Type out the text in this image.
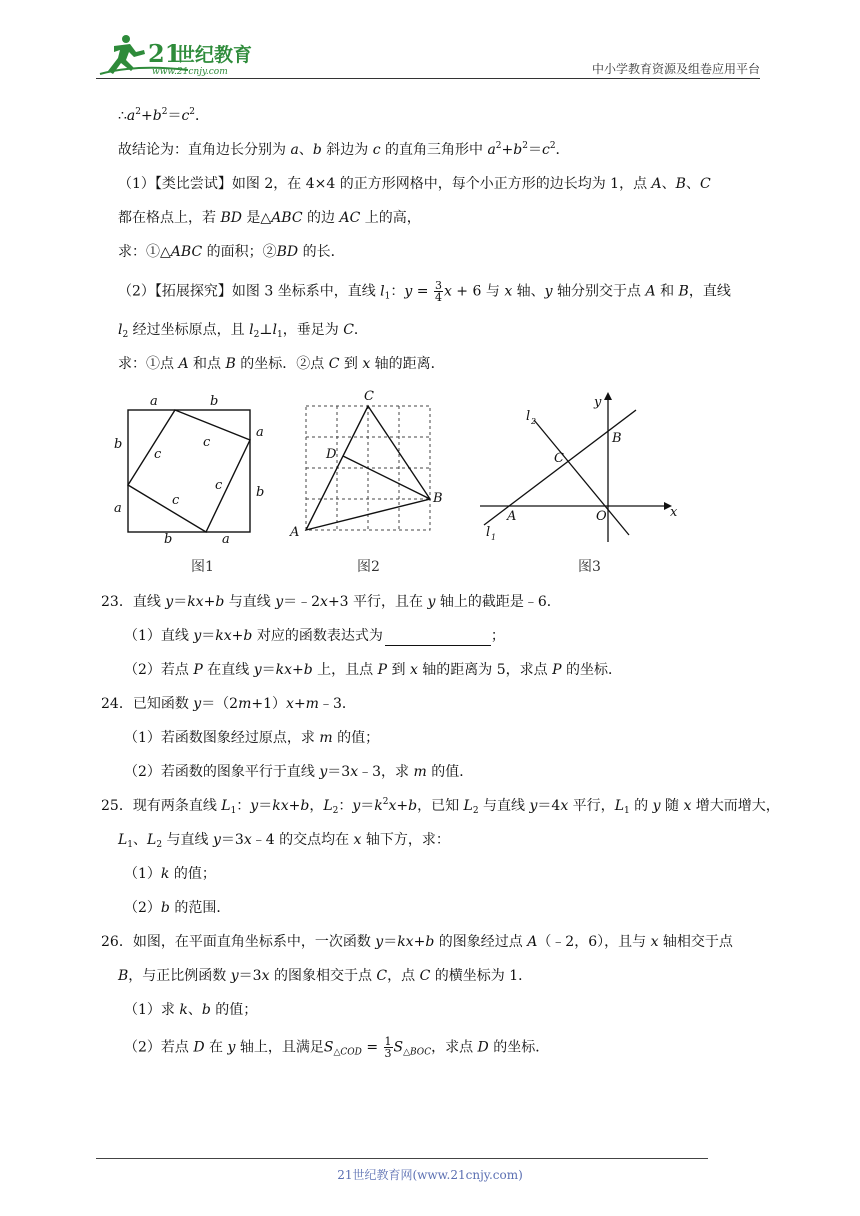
21
世纪教育
www.21cnjy.com	中小学教育资源及组卷应用平台
$\therefore a^2+b^2=c^2$．
故结论为：直角边长分别为 a、b 斜边为 c 的直角三角形中 $a^2+b^2=c^2$．
（1）【类比尝试】如图 2，在 4×4 的正方形网格中，每个小正方形的边长均为 1，点 A、B、C
都在格点上，若 BD 是△ABC 的边 AC 上的高，
求：①△ABC 的面积；②BD 的长．
（2）【拓展探究】如图 3 坐标系中，直线 $l_1$：$y = \frac{3}{4}$ x + 6 与 x 轴、y 轴分别交于点 A 和 B，直线
$l_2$ 经过坐标原点，且 $l_2\perp l_1$，垂足为 C．
求：①点 A 和点 B 的坐标．②点 C 到 x 轴的距离．
a	b
b
a
b
a
b	a
c
c
c
c
图1
C
D
B
A
图2
y
l 2
B
C
A	O	x
l 1
图3
23．直线 y＝kx+b 与直线 y＝﹣2x+3 平行，且在 y 轴上的截距是﹣6．
（1）直线 y＝kx+b 对应的函数表达式为	；
（2）若点 P 在直线 y＝kx+b 上，且点 P 到 x 轴的距离为 5，求点 P 的坐标．
24．已知函数 y＝（2m+1）x+m﹣3．
（1）若函数图象经过原点，求 m 的值；
（2）若函数的图象平行于直线 y＝3x﹣3，求 m 的值．
25．现有两条直线 $L_1$：y＝kx+b，$L_2$：$y=k^2x+b$，已知 $L_2$ 与直线 y＝4x 平行，$L_1$ 的 y 随 x 增大而增大，
$L_1$、$L_2$ 与直线 y＝3x﹣4 的交点均在 x 轴下方，求：
（1）k 的值；
（2）b 的范围．
26．如图，在平面直角坐标系中，一次函数 y＝kx+b 的图象经过点 A（﹣2，6），且与 x 轴相交于点
B，与正比例函数 y＝3x 的图象相交于点 C，点 C 的横坐标为 1．
（1）求 k、b 的值；
（2）若点 D 在 y 轴上，且满足$S_{\triangle COD} = \frac{1}{3} S_{\triangle BOC}$，求点 D 的坐标．
21世纪教育网(www.21cnjy.com)
